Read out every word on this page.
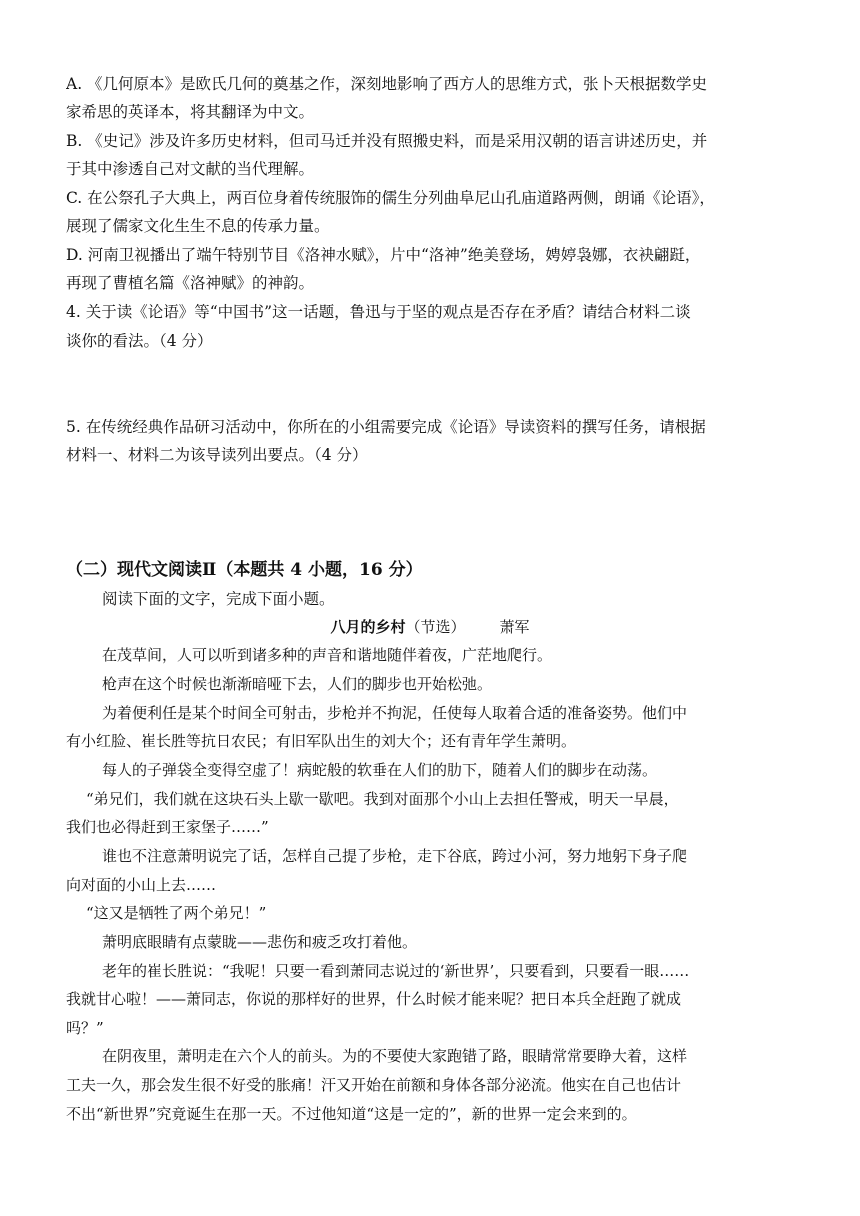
A. 《几何原本》是欧氏几何的奠基之作，深刻地影响了西方人的思维方式，张卜天根据数学史
家希思的英译本，将其翻译为中文。
B. 《史记》涉及许多历史材料，但司马迁并没有照搬史料，而是采用汉朝的语言讲述历史，并
于其中渗透自己对文献的当代理解。
C. 在公祭孔子大典上，两百位身着传统服饰的儒生分列曲阜尼山孔庙道路两侧，朗诵《论语》，
展现了儒家文化生生不息的传承力量。
D. 河南卫视播出了端午特别节目《洛神水赋》，片中“洛神”绝美登场，娉婷袅娜，衣袂翩跹，
再现了曹植名篇《洛神赋》的神韵。
4. 关于读《论语》等“中国书”这一话题，鲁迅与于坚的观点是否存在矛盾？请结合材料二谈
谈你的看法。（4 分）
5. 在传统经典作品研习活动中，你所在的小组需要完成《论语》导读资料的撰写任务，请根据
材料一、材料二为该导读列出要点。（4 分）
（二）现代文阅读Ⅱ（本题共 4 小题，16 分）
阅读下面的文字，完成下面小题。
八月的乡村（节选） 萧军
在茂草间，人可以听到诸多种的声音和谐地随伴着夜，广茫地爬行。
枪声在这个时候也渐渐暗哑下去，人们的脚步也开始松弛。
为着便利任是某个时间全可射击，步枪并不拘泥，任使每人取着合适的准备姿势。他们中
有小红脸、崔长胜等抗日农民；有旧军队出生的刘大个；还有青年学生萧明。
每人的子弹袋全变得空虚了！病蛇般的软垂在人们的肋下，随着人们的脚步在动荡。
“弟兄们，我们就在这块石头上歇一歇吧。我到对面那个小山上去担任警戒，明天一早晨，
我们也必得赶到王家堡子……”
谁也不注意萧明说完了话，怎样自己提了步枪，走下谷底，跨过小河，努力地躬下身子爬
向对面的小山上去……
“这又是牺牲了两个弟兄！”
萧明底眼睛有点蒙眬——悲伤和疲乏攻打着他。
老年的崔长胜说：“我呢！只要一看到萧同志说过的‘新世界’，只要看到，只要看一眼……
我就甘心啦！——萧同志，你说的那样好的世界，什么时候才能来呢？把日本兵全赶跑了就成
吗？”
在阴夜里，萧明走在六个人的前头。为的不要使大家跑错了路，眼睛常常要睁大着，这样
工夫一久，那会发生很不好受的胀痛！汗又开始在前额和身体各部分泌流。他实在自己也估计
不出“新世界”究竟诞生在那一天。不过他知道“这是一定的”，新的世界一定会来到的。
